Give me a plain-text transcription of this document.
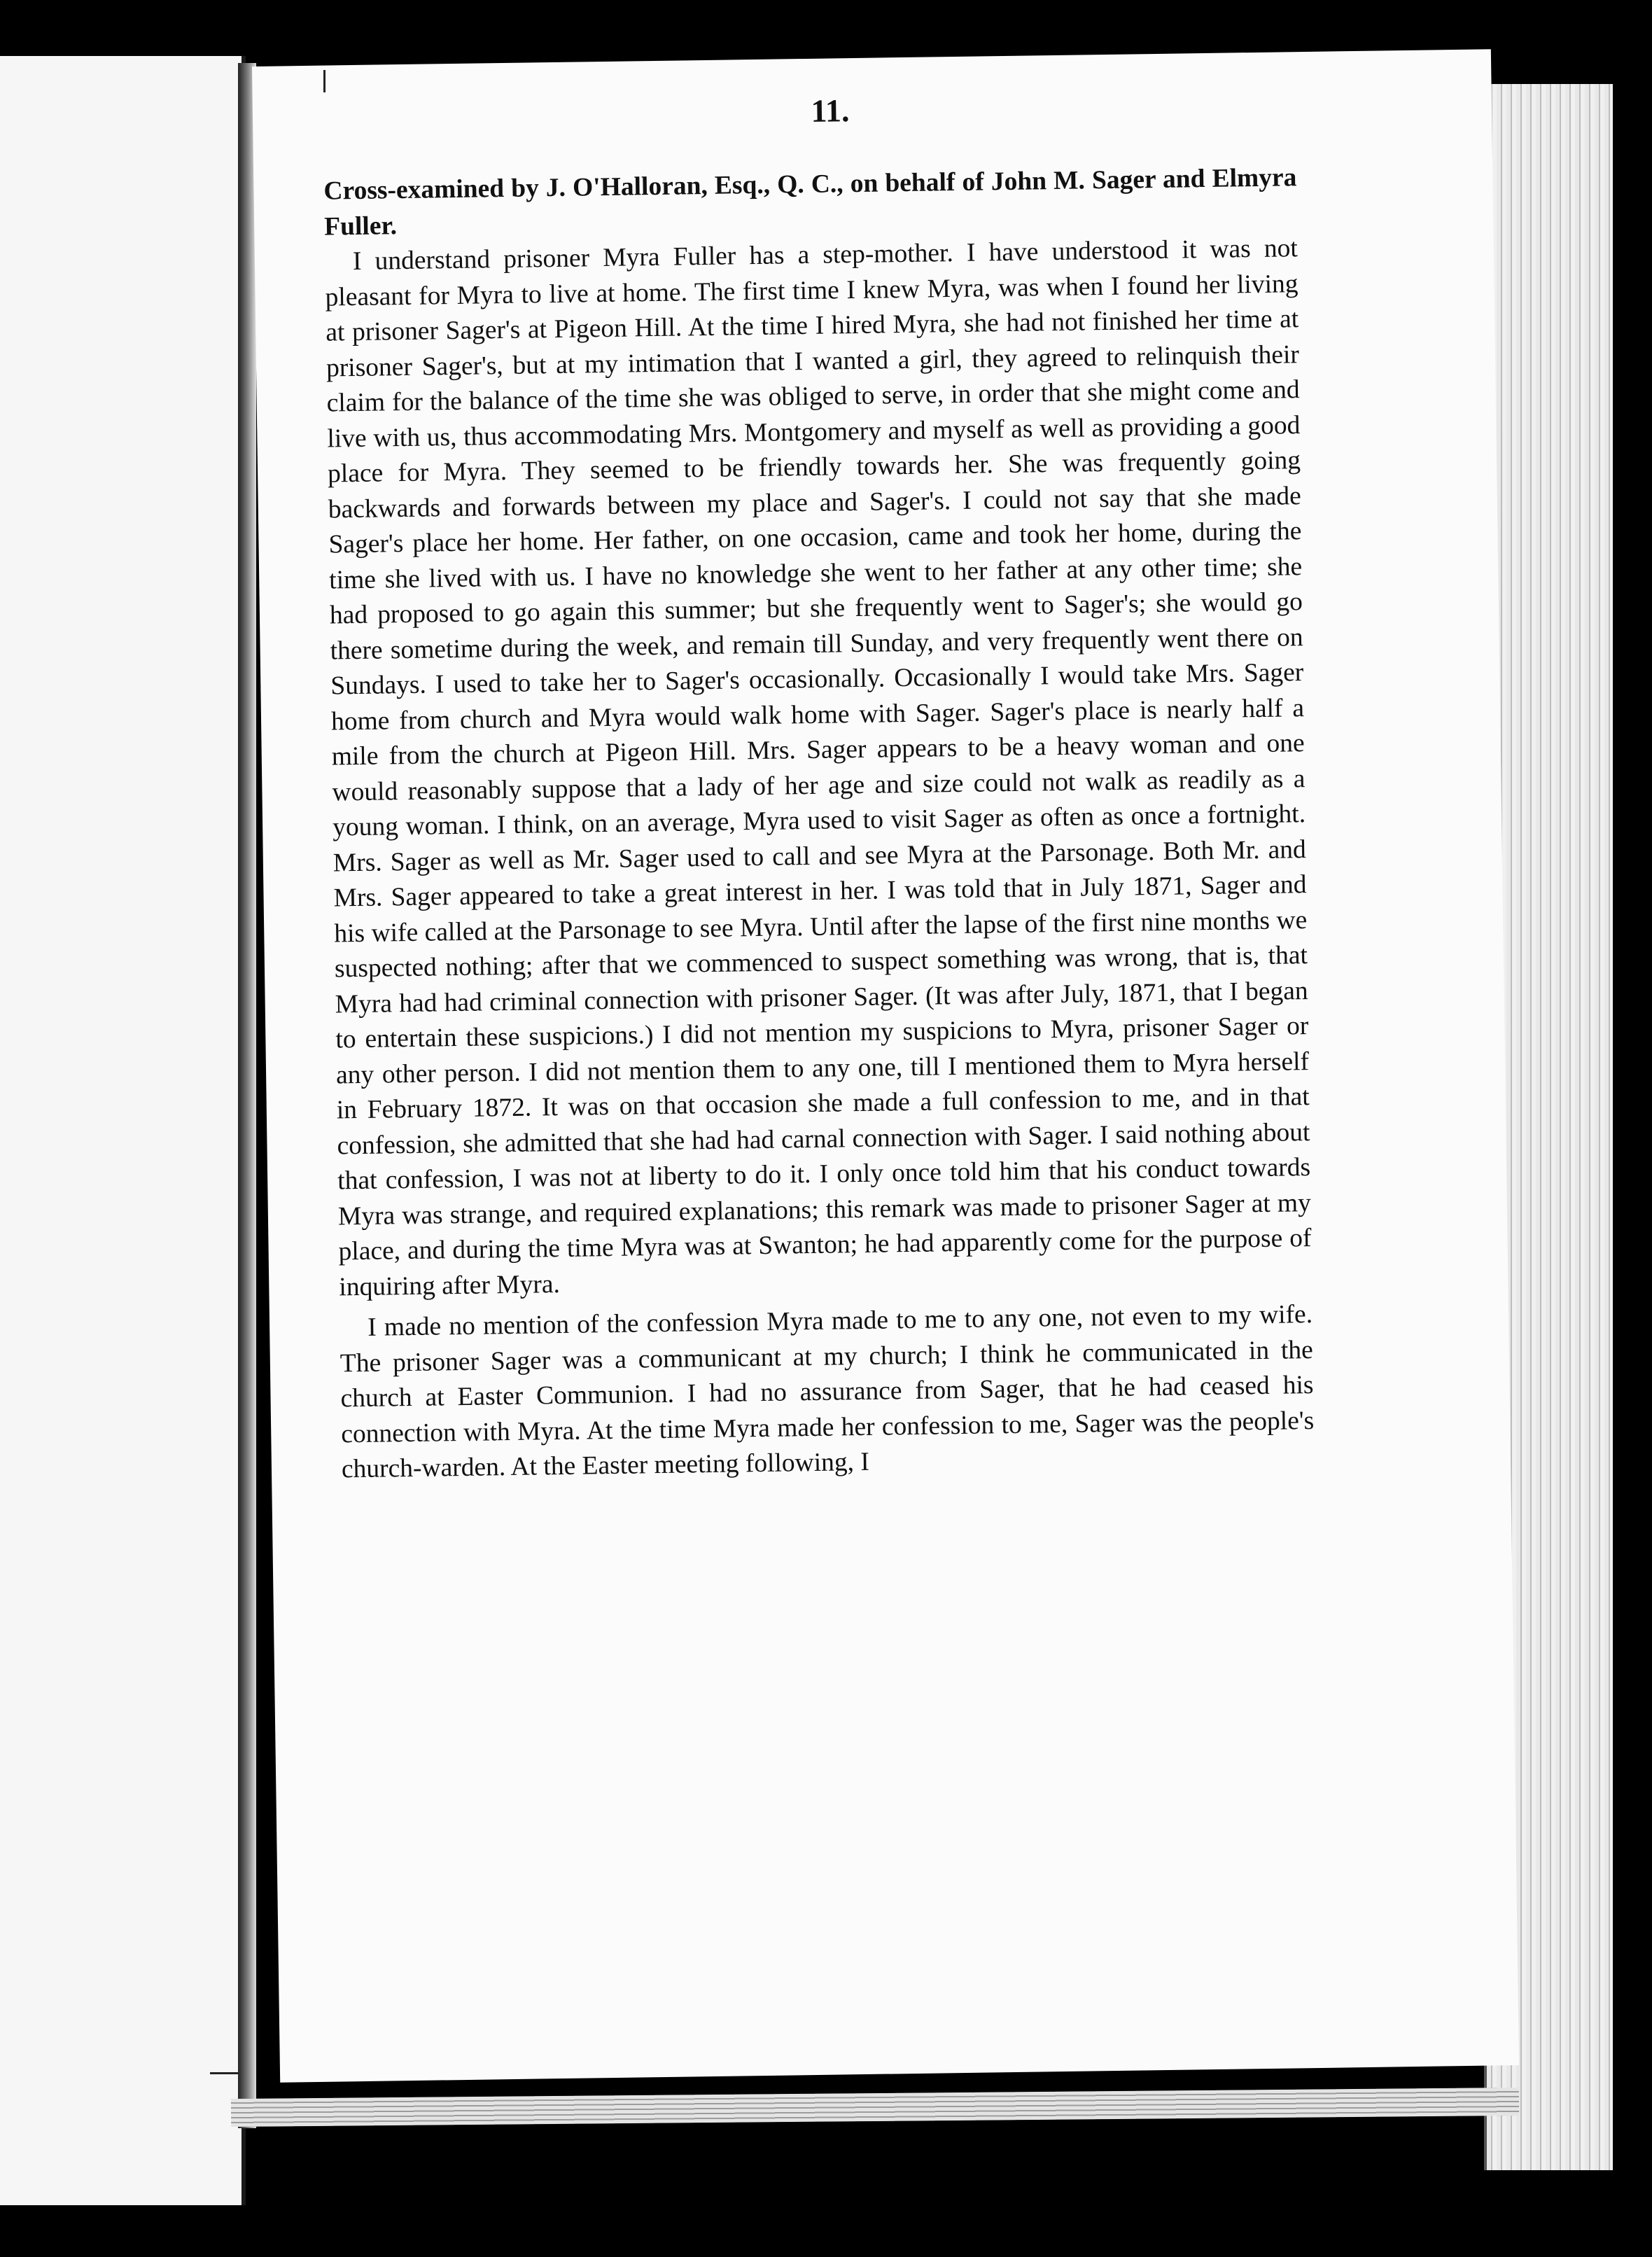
11.

Cross-examined by J. O'Halloran, Esq., Q. C., on behalf of John M. Sager and Elmyra Fuller.

I understand prisoner Myra Fuller has a step-mother. I have understood it was not pleasant for Myra to live at home. The first time I knew Myra, was when I found her living at prisoner Sager's at Pigeon Hill. At the time I hired Myra, she had not finished her time at prisoner Sager's, but at my intimation that I wanted a girl, they agreed to relinquish their claim for the balance of the time she was obliged to serve, in order that she might come and live with us, thus accommodating Mrs. Montgomery and myself as well as providing a good place for Myra. They seemed to be friendly towards her. She was frequently going backwards and forwards between my place and Sager's. I could not say that she made Sager's place her home. Her father, on one occasion, came and took her home, during the time she lived with us. I have no knowledge she went to her father at any other time; she had proposed to go again this summer; but she frequently went to Sager's; she would go there sometime during the week, and remain till Sunday, and very frequently went there on Sundays. I used to take her to Sager's occasionally. Occasionally I would take Mrs. Sager home from church and Myra would walk home with Sager. Sager's place is nearly half a mile from the church at Pigeon Hill. Mrs. Sager appears to be a heavy woman and one would reasonably suppose that a lady of her age and size could not walk as readily as a young woman. I think, on an average, Myra used to visit Sager as often as once a fortnight. Mrs. Sager as well as Mr. Sager used to call and see Myra at the Parsonage. Both Mr. and Mrs. Sager appeared to take a great interest in her. I was told that in July 1871, Sager and his wife called at the Parsonage to see Myra. Until after the lapse of the first nine months we suspected nothing; after that we commenced to suspect something was wrong, that is, that Myra had had criminal connection with prisoner Sager. (It was after July, 1871, that I began to entertain these suspicions.) I did not mention my suspicions to Myra, prisoner Sager or any other person. I did not mention them to any one, till I mentioned them to Myra herself in February 1872. It was on that occasion she made a full confession to me, and in that confession, she admitted that she had had carnal connection with Sager. I said nothing about that confession, I was not at liberty to do it. I only once told him that his conduct towards Myra was strange, and required explanations; this remark was made to prisoner Sager at my place, and during the time Myra was at Swanton; he had apparently come for the purpose of inquiring after Myra.

I made no mention of the confession Myra made to me to any one, not even to my wife. The prisoner Sager was a communicant at my church; I think he communicated in the church at Easter Communion. I had no assurance from Sager, that he had ceased his connection with Myra. At the time Myra made her confession to me, Sager was the people's church-warden. At the Easter meeting following, I
